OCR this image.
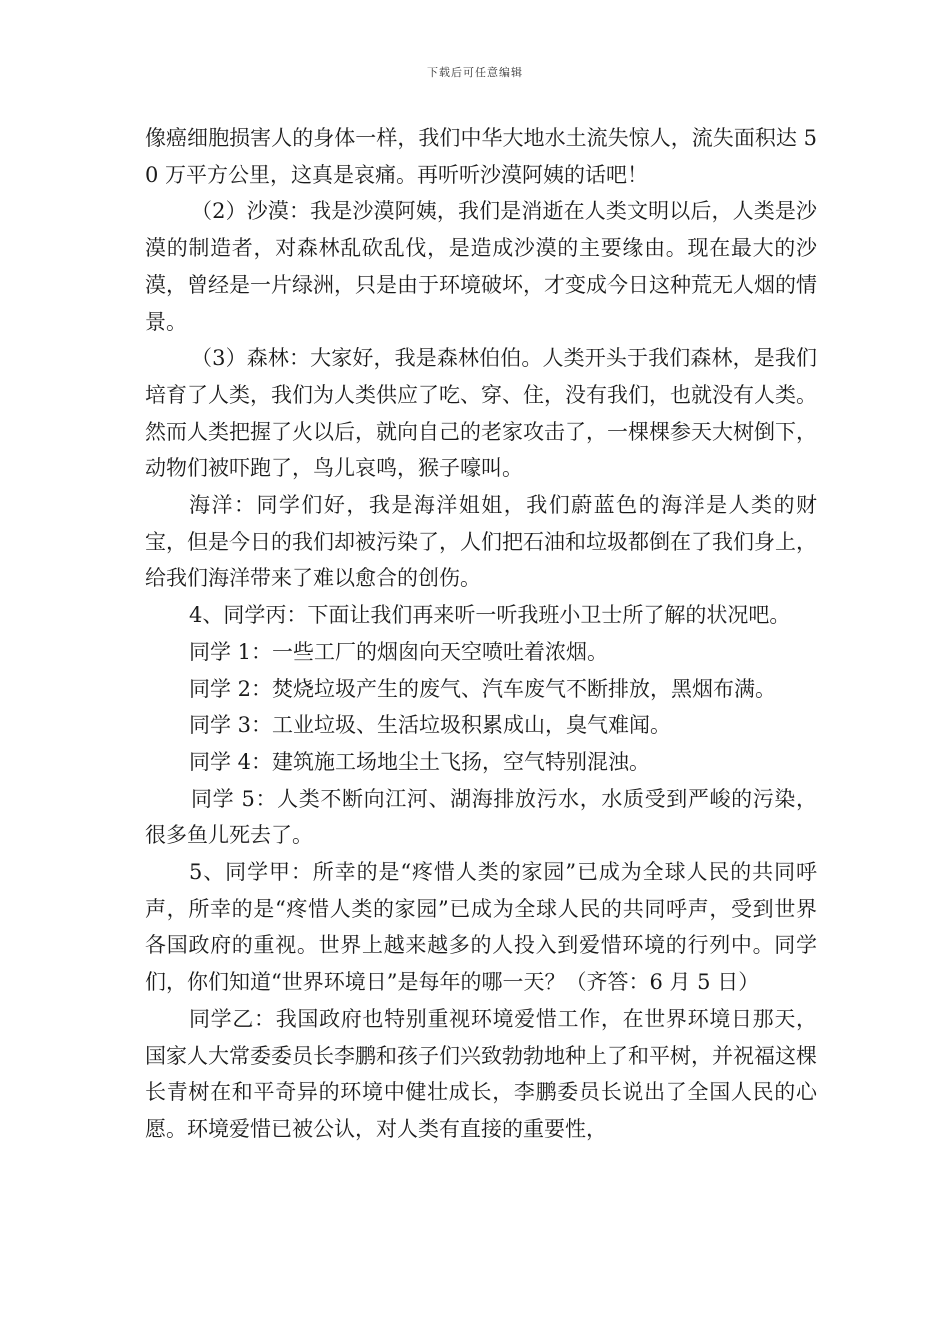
下载后可任意编辑

像癌细胞损害人的身体一样，我们中华大地水土流失惊人，流失面积达 50 万平方公里，这真是哀痛。再听听沙漠阿姨的话吧！

（2）沙漠：我是沙漠阿姨，我们是消逝在人类文明以后，人类是沙漠的制造者，对森林乱砍乱伐，是造成沙漠的主要缘由。现在最大的沙漠，曾经是一片绿洲，只是由于环境破坏，才变成今日这种荒无人烟的情景。

（3）森林：大家好，我是森林伯伯。人类开头于我们森林，是我们培育了人类，我们为人类供应了吃、穿、住，没有我们，也就没有人类。然而人类把握了火以后，就向自己的老家攻击了，一棵棵参天大树倒下，动物们被吓跑了，鸟儿哀鸣，猴子嚎叫。

海洋：同学们好，我是海洋姐姐，我们蔚蓝色的海洋是人类的财宝，但是今日的我们却被污染了，人们把石油和垃圾都倒在了我们身上，给我们海洋带来了难以愈合的创伤。

4、同学丙：下面让我们再来听一听我班小卫士所了解的状况吧。

同学 1：一些工厂的烟囱向天空喷吐着浓烟。

同学 2：焚烧垃圾产生的废气、汽车废气不断排放，黑烟布满。

同学 3：工业垃圾、生活垃圾积累成山，臭气难闻。

同学 4：建筑施工场地尘土飞扬，空气特别混浊。

同学 5：人类不断向江河、湖海排放污水，水质受到严峻的污染，很多鱼儿死去了。

5、同学甲：所幸的是“疼惜人类的家园”已成为全球人民的共同呼声，所幸的是“疼惜人类的家园”已成为全球人民的共同呼声，受到世界各国政府的重视。世界上越来越多的人投入到爱惜环境的行列中。同学们，你们知道“世界环境日”是每年的哪一天？（齐答：6 月 5 日）

同学乙：我国政府也特别重视环境爱惜工作，在世界环境日那天，国家人大常委委员长李鹏和孩子们兴致勃勃地种上了和平树，并祝福这棵长青树在和平奇异的环境中健壮成长，李鹏委员长说出了全国人民的心愿。环境爱惜已被公认，对人类有直接的重要性，
